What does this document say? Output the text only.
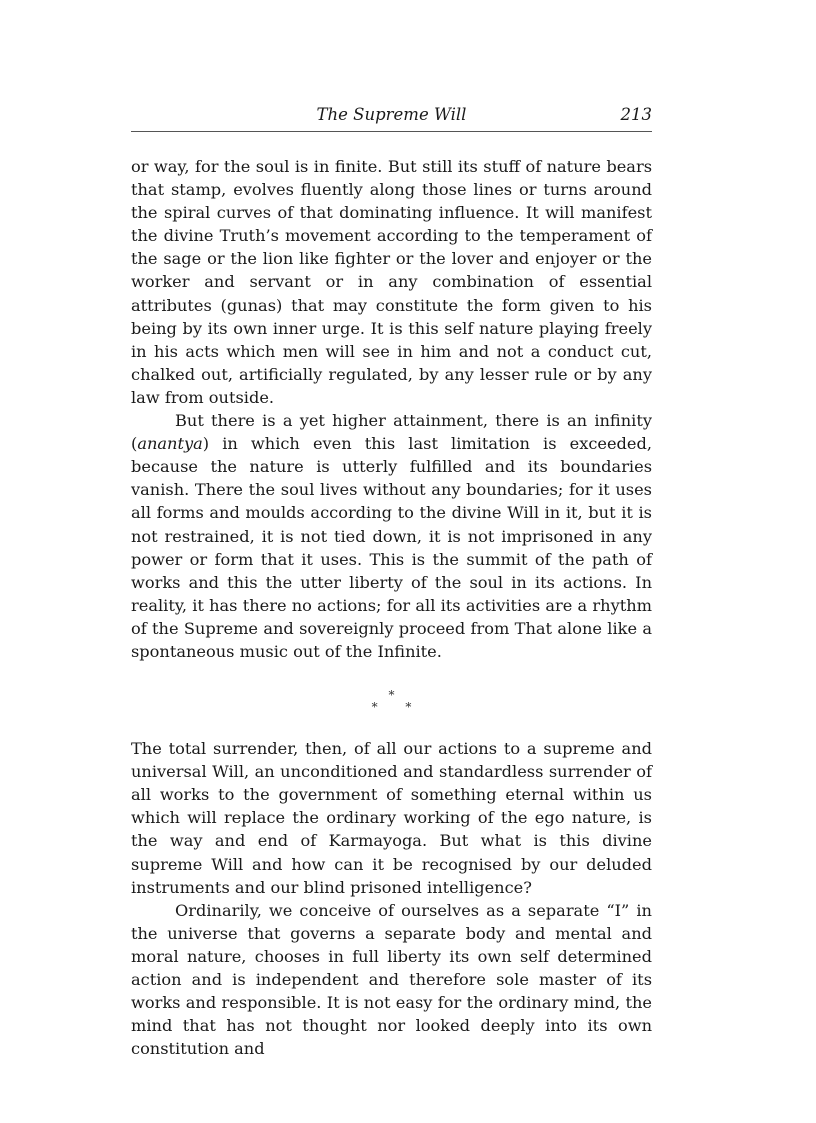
The Supreme Will	213

or way, for the soul is in finite. But still its stuff of nature bears that stamp, evolves fluently along those lines or turns around the spiral curves of that dominating influence. It will manifest the divine Truth’s movement according to the temperament of the sage or the lion like fighter or the lover and enjoyer or the worker and servant or in any combination of essential attributes (gunas) that may constitute the form given to his being by its own inner urge. It is this self nature playing freely in his acts which men will see in him and not a conduct cut, chalked out, artificially regulated, by any lesser rule or by any law from outside.

But there is a yet higher attainment, there is an infinity (anantya) in which even this last limitation is exceeded, because the nature is utterly fulfilled and its boundaries vanish. There the soul lives without any boundaries; for it uses all forms and moulds according to the divine Will in it, but it is not restrained, it is not tied down, it is not imprisoned in any power or form that it uses. This is the summit of the path of works and this the utter liberty of the soul in its actions. In reality, it has there no actions; for all its activities are a rhythm of the Supreme and sovereignly proceed from That alone like a spontaneous music out of the Infinite.

*
* *

The total surrender, then, of all our actions to a supreme and universal Will, an unconditioned and standardless surrender of all works to the government of something eternal within us which will replace the ordinary working of the ego nature, is the way and end of Karmayoga. But what is this divine supreme Will and how can it be recognised by our deluded instruments and our blind prisoned intelligence?

Ordinarily, we conceive of ourselves as a separate “I” in the universe that governs a separate body and mental and moral nature, chooses in full liberty its own self determined action and is independent and therefore sole master of its works and responsible. It is not easy for the ordinary mind, the mind that has not thought nor looked deeply into its own constitution and
